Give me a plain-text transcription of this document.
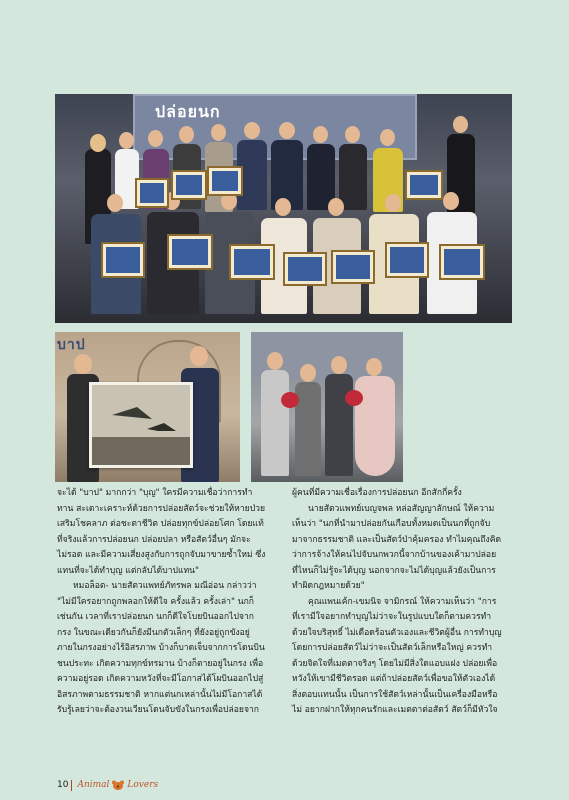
ปล่อยนก
บาป

จะได้ "บาป" มากกว่า "บุญ" ใครมีความเชื่อว่าการทำ

ทาน สะเดาะเคราะห์ด้วยการปล่อยสัตว์จะช่วยให้หายป่วย

เสริมโชคลาภ ต่อชะตาชีวิต ปล่อยทุกข์ปล่อยโศก โดยแท้

ที่จริงแล้วการปล่อยนก ปล่อยปลา หรือสัตว์อื่นๆ มักจะ

ไม่รอด และมีความเสี่ยงสูงกับการถูกจับมาขายซ้ำใหม่ ซึ่ง

แทนที่จะได้ทำบุญ แต่กลับได้บาปแทน"

หมอล็อต- นายสัตวแพทย์ภัทรพล มณีอ่อน กล่าวว่า

"ไม่มีใครอยากถูกพลอกให้ดีใจ ครั้งแล้ว ครั้งเล่า" นกก็

เช่นกัน เวลาที่เราปล่อยนก นกก็ดีใจโบยบินออกไปจาก

กรง ในขณะเดียวกันก็ยังมีนกตัวเล็กๆ ที่ยังอยู่ถูกขังอยู่

ภายในกรงอย่างไร้อิสรภาพ บ้างก็บาดเจ็บจากการโดนบิน

ชนประทะ เกิดความทุกข์ทรมาน บ้างก็ตายอยู่ในกรง เพื่อ

ความอยู่รอด เกิดความหวังที่จะมีโอกาสได้โผบินออกไปสู่

อิสรภาพตามธรรมชาติ หากแต่นกเหล่านั้นไม่มีโอกาสได้

รับรู้เลยว่าจะต้องวนเวียนโดนจับขังในกรงเพื่อปล่อยจาก

ผู้คนที่มีความเชื่อเรื่องการปล่อยนก อีกสักกี่ครั้ง

นายสัตวแพทย์เบญจพล หล่อสัญญาลักษณ์ ให้ความ

เห็นว่า "นกที่นำมาปล่อยกันเกือบทั้งหมดเป็นนกที่ถูกจับ

มาจากธรรมชาติ และเป็นสัตว์ป่าคุ้มครอง ทำไมคุณถึงคิด

ว่าการจ้างให้คนไปจับนกพวกนี้จากบ้านของเค้ามาปล่อย

ที่ไหนก็ไม่รู้จะได้บุญ นอกจากจะไม่ได้บุญแล้วยังเป็นการ

ทำผิดกฎหมายด้วย"

คุณแพนเค้ก-เขมนิจ จามิกรณ์ ให้ความเห็นว่า "การ

ที่เรามีใจอยากทำบุญไม่ว่าจะในรูปแบบใดก็ตามควรทำ

ด้วยใจบริสุทธิ์ ไม่เดือดร้อนตัวเองและชีวิตผู้อื่น การทำบุญ

โดยการปล่อยสัตว์ไม่ว่าจะเป็นสัตว์เล็กหรือใหญ่ ควรทำ

ด้วยจิตใจที่เมตตาจริงๆ โดยไม่มีสิ่งใดแอบแฝง ปล่อยเพื่อ

หวังให้เขามีชีวิตรอด แต่ถ้าปล่อยสัตว์เพื่อขอให้ตัวเองได้

สิ่งตอบแทนนั้น เป็นการใช้สัตว์เหล่านั้นเป็นเครื่องมือหรือ

ไม่ อยากฝากให้ทุกคนรักและเมตตาต่อสัตว์ สัตว์ก็มีหัวใจ

10 Animal Lovers
